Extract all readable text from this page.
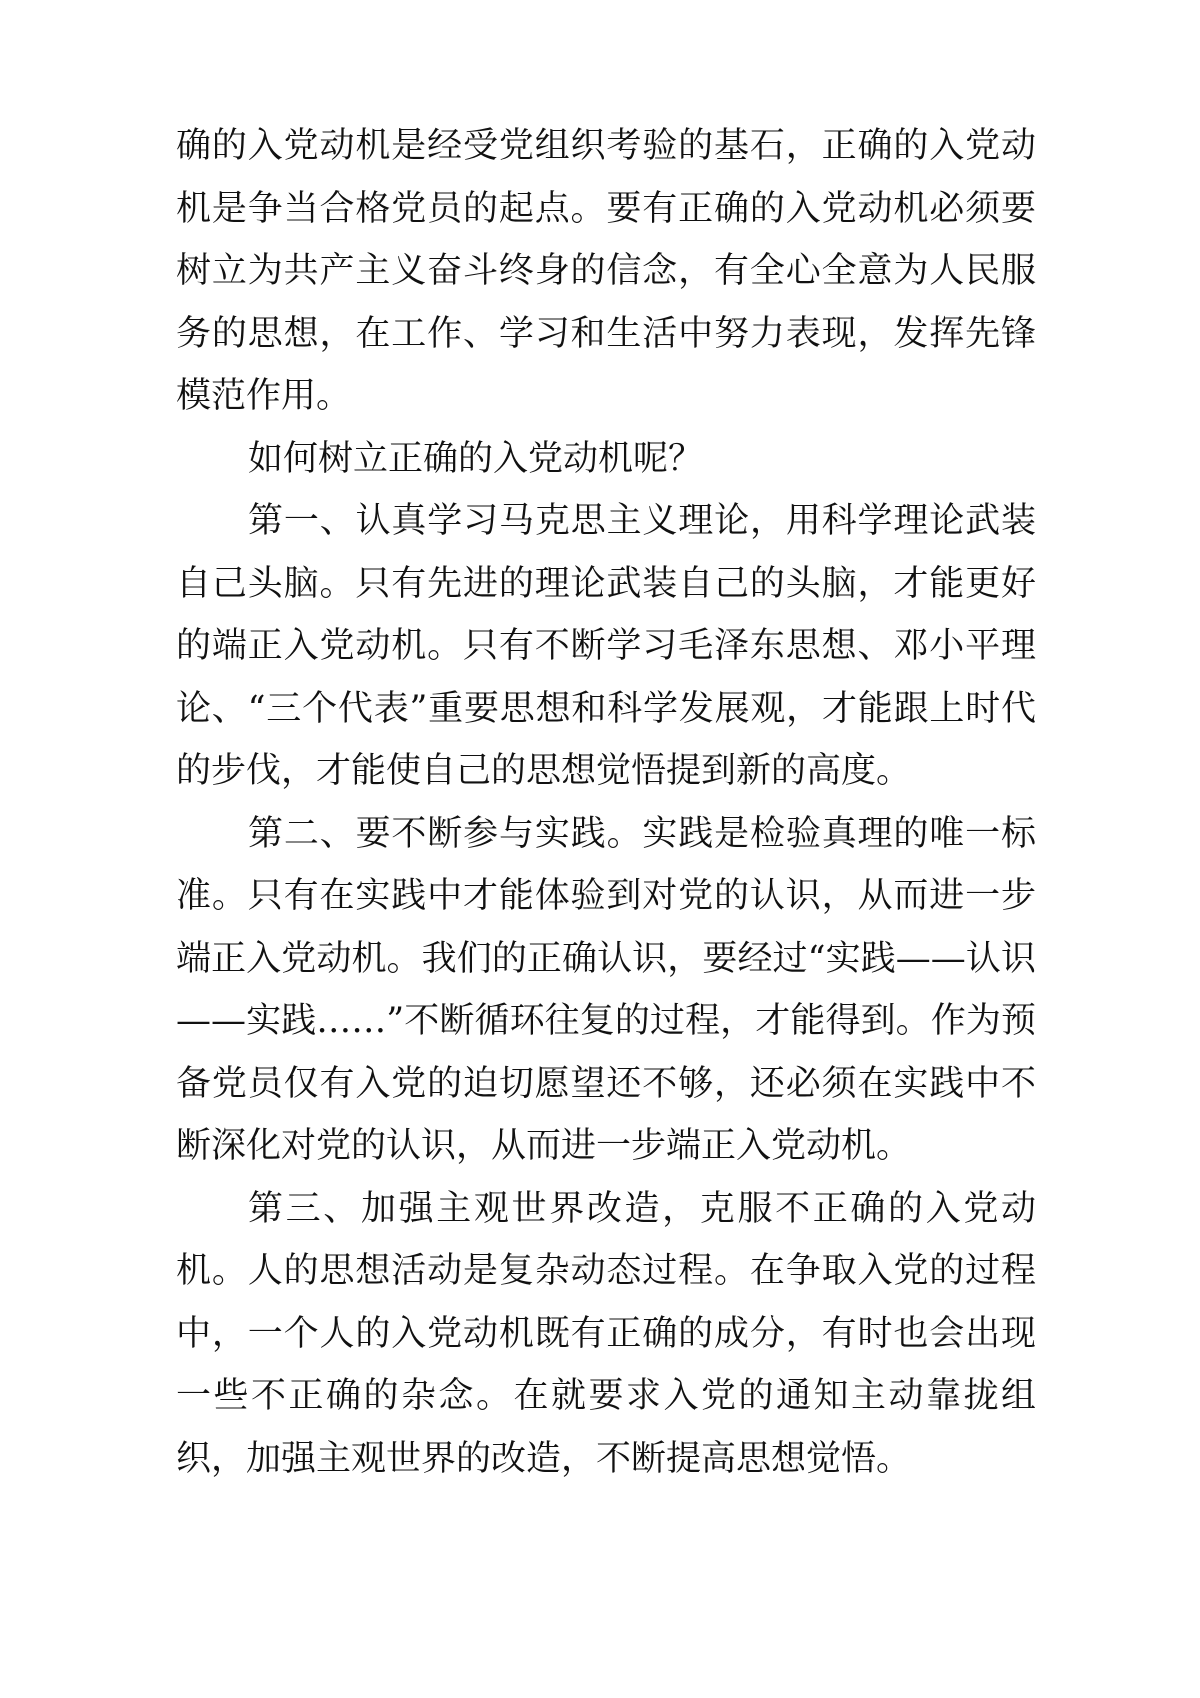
确的入党动机是经受党组织考验的基石，正确的入党动机是争当合格党员的起点。要有正确的入党动机必须要树立为共产主义奋斗终身的信念，有全心全意为人民服务的思想，在工作、学习和生活中努力表现，发挥先锋模范作用。

如何树立正确的入党动机呢？

第一、认真学习马克思主义理论，用科学理论武装自己头脑。只有先进的理论武装自己的头脑，才能更好的端正入党动机。只有不断学习毛泽东思想、邓小平理论、“三个代表”重要思想和科学发展观，才能跟上时代的步伐，才能使自己的思想觉悟提到新的高度。

第二、要不断参与实践。实践是检验真理的唯一标准。只有在实践中才能体验到对党的认识，从而进一步端正入党动机。我们的正确认识，要经过“实践——认识——实践……”不断循环往复的过程，才能得到。作为预备党员仅有入党的迫切愿望还不够，还必须在实践中不断深化对党的认识，从而进一步端正入党动机。

第三、加强主观世界改造，克服不正确的入党动机。人的思想活动是复杂动态过程。在争取入党的过程中，一个人的入党动机既有正确的成分，有时也会出现一些不正确的杂念。在就要求入党的通知主动靠拢组织，加强主观世界的改造，不断提高思想觉悟。
